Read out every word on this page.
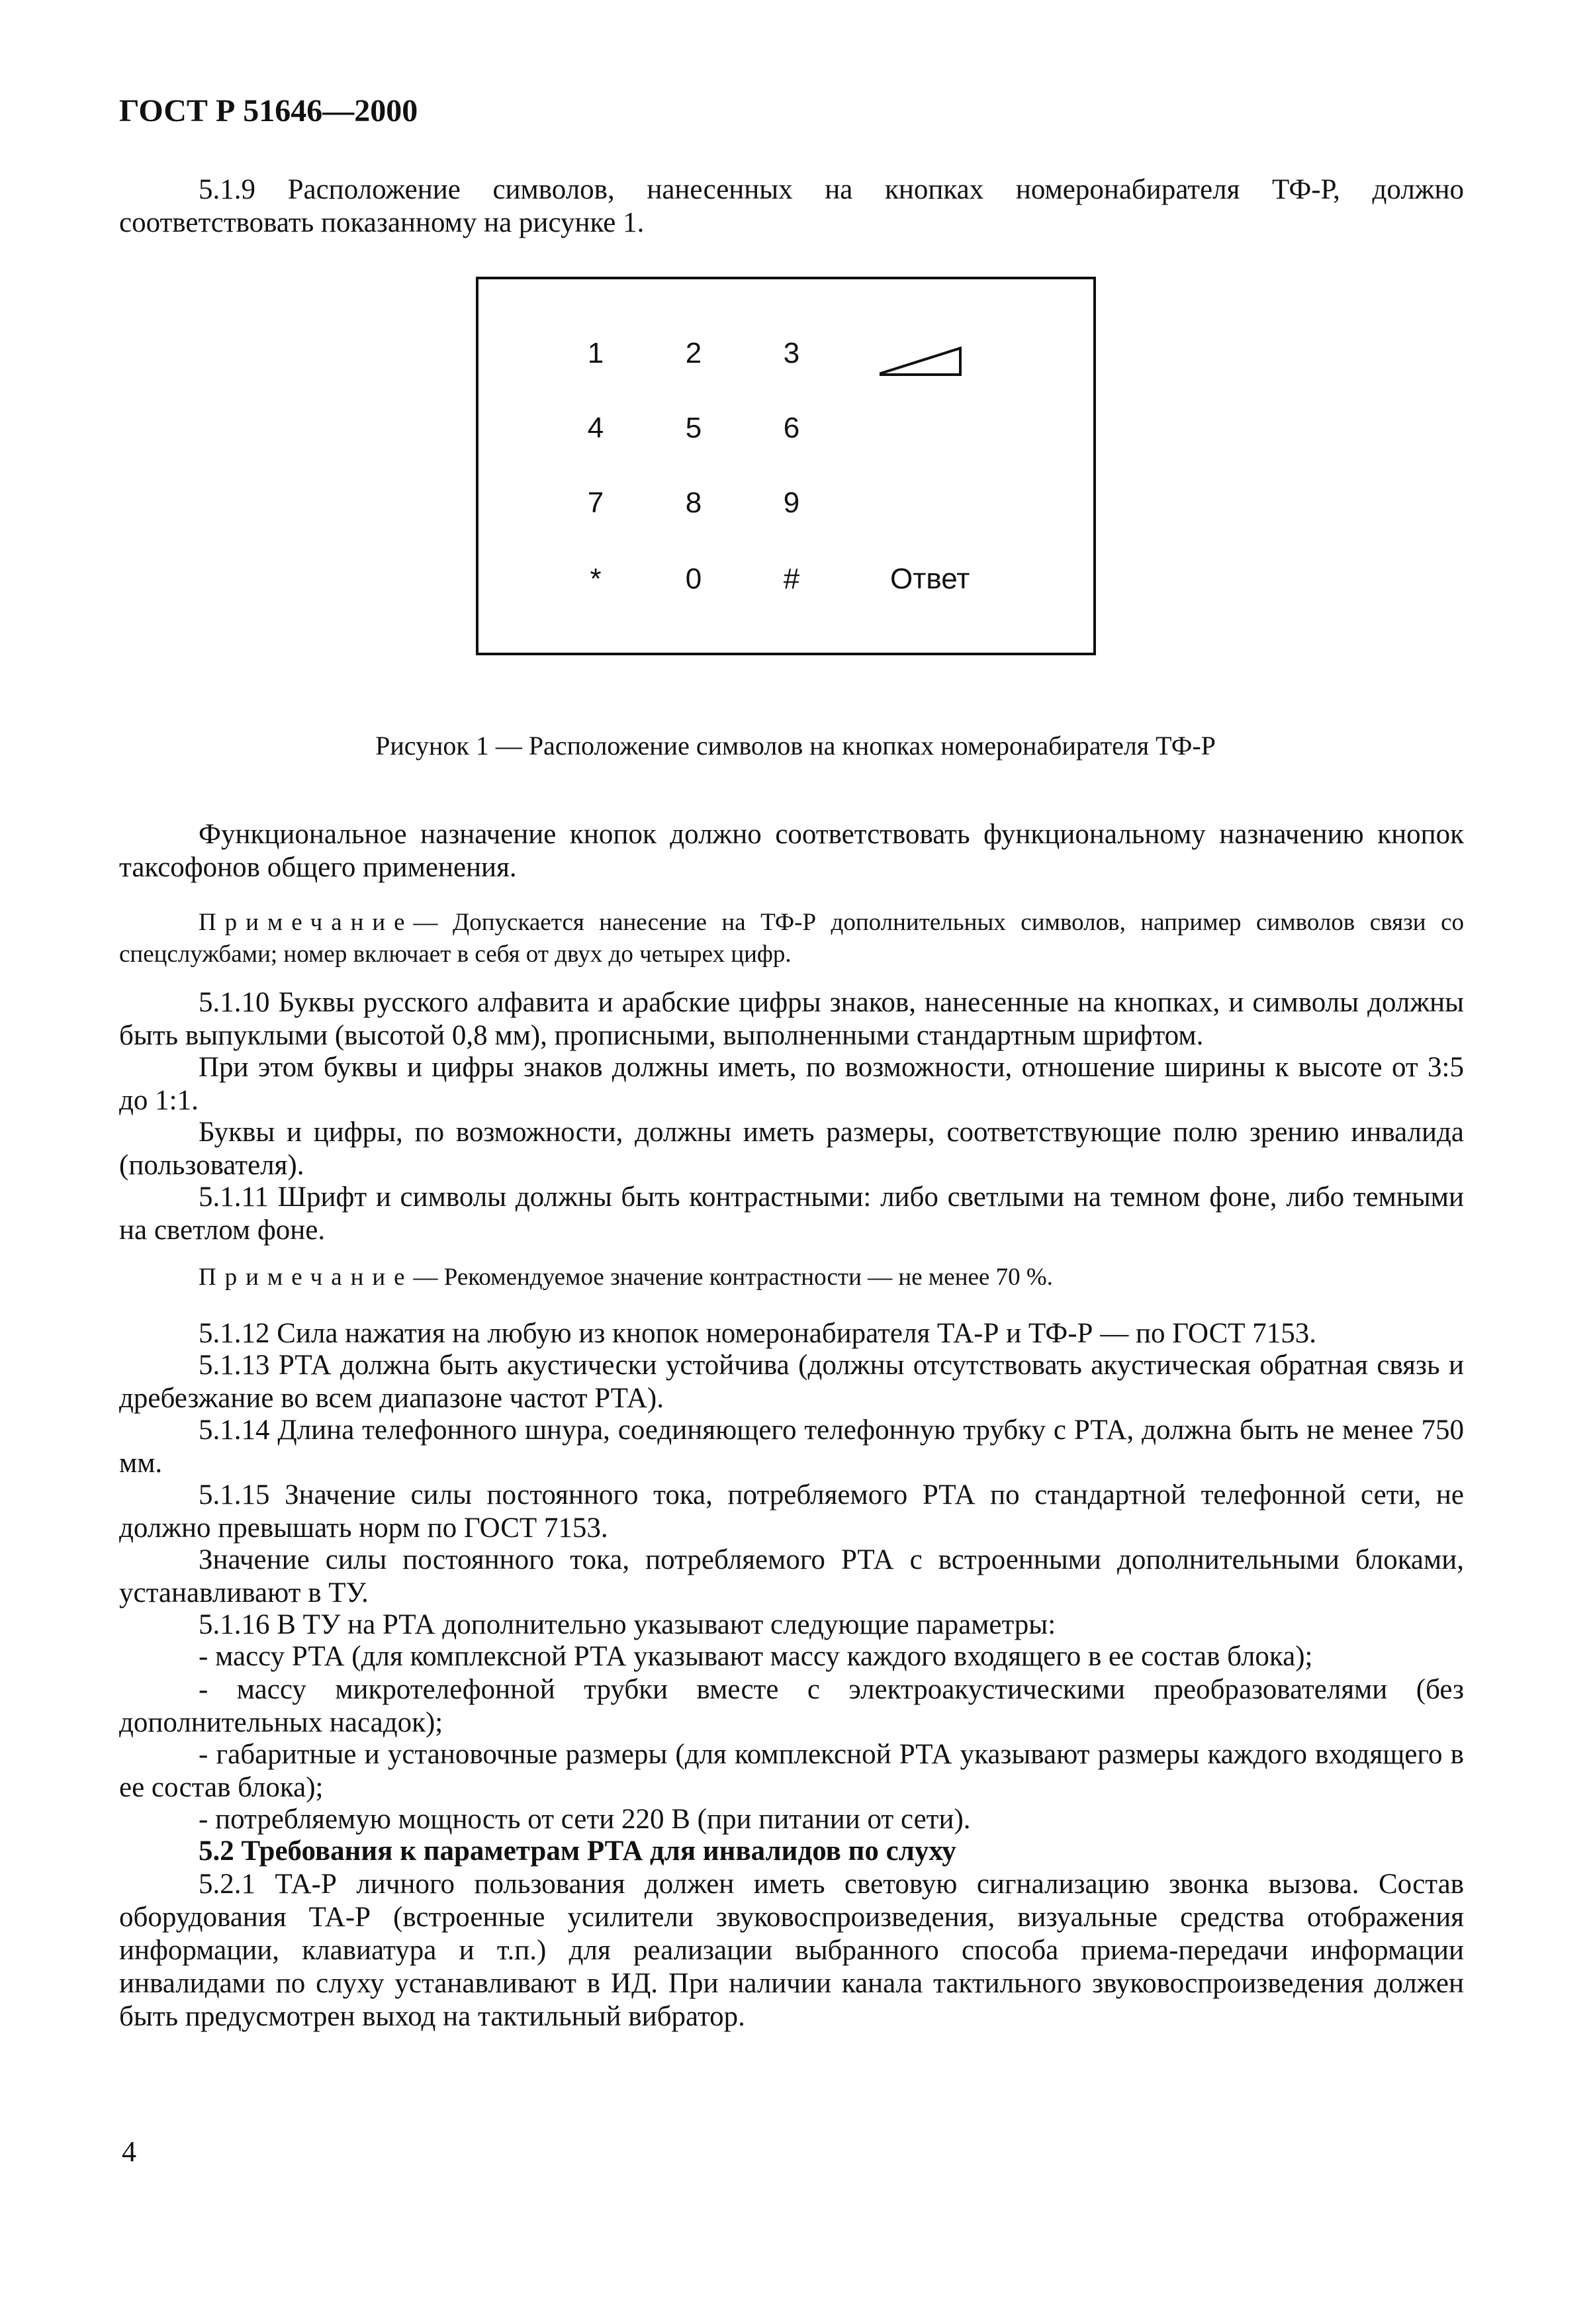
ГОСТ Р 51646—2000
5.1.9 Расположение символов, нанесенных на кнопках номеронабирателя ТФ-Р, должно соответствовать показанному на рисунке 1.
1	2	3
4	5	6
7	8	9
*	0	#	Ответ
Рисунок 1 — Расположение символов на кнопках номеронабирателя ТФ-Р
Функциональное назначение кнопок должно соответствовать функциональному назначению кнопок таксофонов общего применения.
Примечание— Допускается нанесение на ТФ-Р дополнительных символов, например символов связи со спецслужбами; номер включает в себя от двух до четырех цифр.
5.1.10 Буквы русского алфавита и арабские цифры знаков, нанесенные на кнопках, и символы должны быть выпуклыми (высотой 0,8 мм), прописными, выполненными стандартным шрифтом.
При этом буквы и цифры знаков должны иметь, по возможности, отношение ширины к высоте от 3:5 до 1:1.
Буквы и цифры, по возможности, должны иметь размеры, соответствующие полю зрению инвалида (пользователя).
5.1.11 Шрифт и символы должны быть контрастными: либо светлыми на темном фоне, либо темными на светлом фоне.
Примечание— Рекомендуемое значение контрастности — не менее 70 %.
5.1.12 Сила нажатия на любую из кнопок номеронабирателя ТА-Р и ТФ-Р — по ГОСТ 7153.
5.1.13 РТА должна быть акустически устойчива (должны отсутствовать акустическая обратная связь и дребезжание во всем диапазоне частот РТА).
5.1.14 Длина телефонного шнура, соединяющего телефонную трубку с РТА, должна быть не менее 750 мм.
5.1.15 Значение силы постоянного тока, потребляемого РТА по стандартной телефонной сети, не должно превышать норм по ГОСТ 7153.
Значение силы постоянного тока, потребляемого РТА с встроенными дополнительными блоками, устанавливают в ТУ.
5.1.16 В ТУ на РТА дополнительно указывают следующие параметры:
- массу РТА (для комплексной РТА указывают массу каждого входящего в ее состав блока);
- массу микротелефонной трубки вместе с электроакустическими преобразователями (без дополнительных насадок);
- габаритные и установочные размеры (для комплексной РТА указывают размеры каждого входящего в ее состав блока);
- потребляемую мощность от сети 220 В (при питании от сети).
5.2 Требования к параметрам РТА для инвалидов по слуху
5.2.1 ТА-Р личного пользования должен иметь световую сигнализацию звонка вызова. Состав оборудования ТА-Р (встроенные усилители звуковоспроизведения, визуальные средства отображения информации, клавиатура и т.п.) для реализации выбранного способа приема-передачи информации инвалидами по слуху устанавливают в ИД. При наличии канала тактильного звуковоспроизведения должен быть предусмотрен выход на тактильный вибратор.
4
